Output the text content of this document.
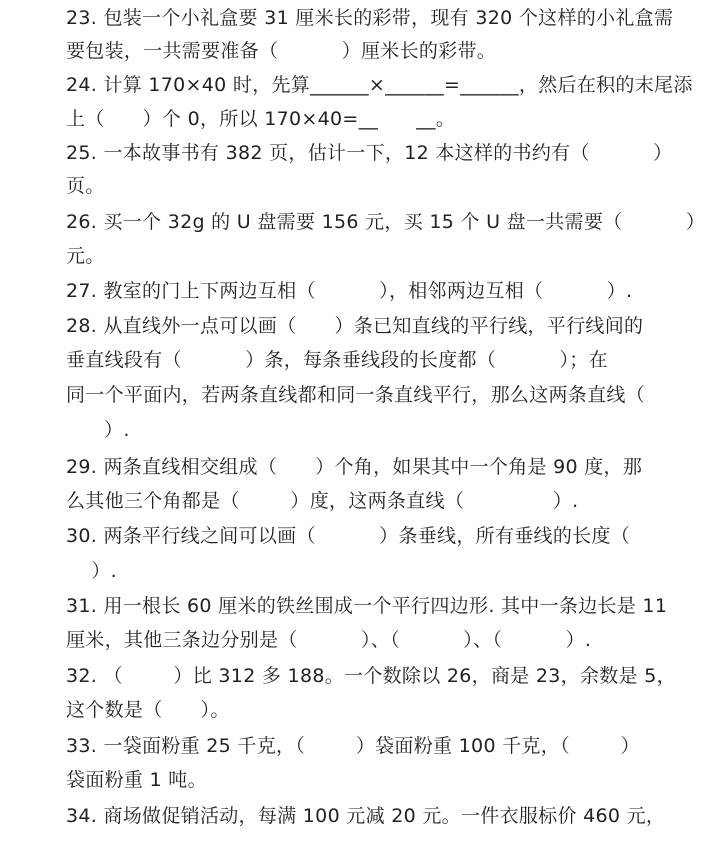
23. 包装一个小礼盒要 31 厘米长的彩带，现有 320 个这样的小礼盒需
要包装，一共需要准备（          ）厘米长的彩带。
24. 计算 170×40 时，先算______×______=______，然后在积的末尾添
上（      ）个 0，所以 170×40=__      __。
25. 一本故事书有 382 页，估计一下，12 本这样的书约有（          ）
页。
26. 买一个 32g 的 U 盘需要 156 元，买 15 个 U 盘一共需要（          ）
元。
27. 教室的门上下两边互相（          ），相邻两边互相（          ）.
28. 从直线外一点可以画（      ）条已知直线的平行线，平行线间的
垂直线段有（          ）条，每条垂线段的长度都（          ）；在
同一个平面内，若两条直线都和同一条直线平行，那么这两条直线（
）.
29. 两条直线相交组成（      ）个角，如果其中一个角是 90 度，那
么其他三个角都是（        ）度，这两条直线（              ）.
30. 两条平行线之间可以画（          ）条垂线，所有垂线的长度（
）.
31. 用一根长 60 厘米的铁丝围成一个平行四边形. 其中一条边长是 11
厘米，其他三条边分别是（          ）、（          ）、（          ）.
32. （        ）比 312 多 188。一个数除以 26，商是 23，余数是 5，
这个数是（      ）。
33. 一袋面粉重 25 千克，（        ）袋面粉重 100 千克，（        ）
袋面粉重 1 吨。
34. 商场做促销活动，每满 100 元减 20 元。一件衣服标价 460 元，
